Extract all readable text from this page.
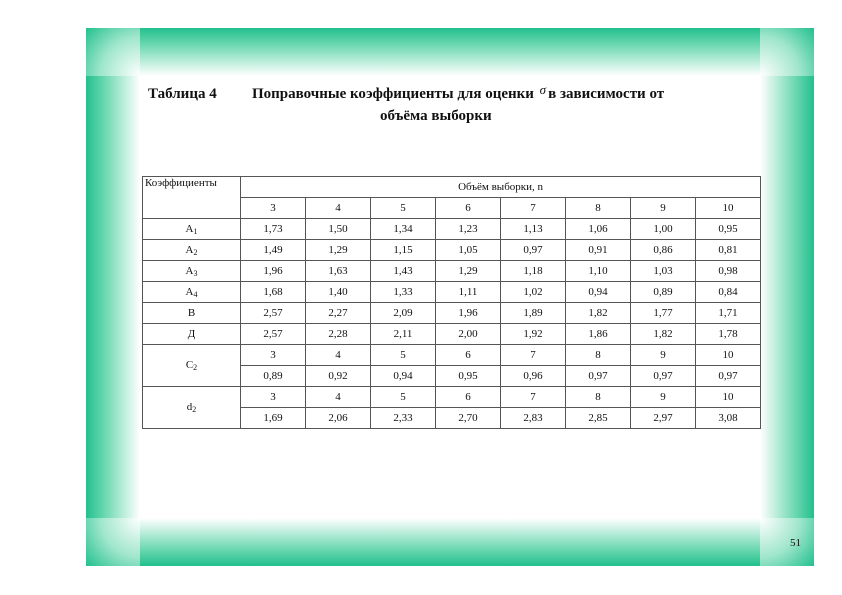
Таблица 4 Поправочные коэффициенты для оценки σ в зависимости от
объёма выборки
Коэффициенты	Объём выборки, n							
	3	4	5	6	7	8	9	10
$A_1$	1,73	1,50	1,34	1,23	1,13	1,06	1,00	0,95
$A_2$	1,49	1,29	1,15	1,05	0,97	0,91	0,86	0,81
$A_3$	1,96	1,63	1,43	1,29	1,18	1,10	1,03	0,98
$A_4$	1,68	1,40	1,33	1,11	1,02	0,94	0,89	0,84
B	2,57	2,27	2,09	1,96	1,89	1,82	1,77	1,71
Д	2,57	2,28	2,11	2,00	1,92	1,86	1,82	1,78
$C_2$	3	4	5	6	7	8	9	10
	0,89	0,92	0,94	0,95	0,96	0,97	0,97	0,97
$d_2$	3	4	5	6	7	8	9	10
	1,69	2,06	2,33	2,70	2,83	2,85	2,97	3,08
51
